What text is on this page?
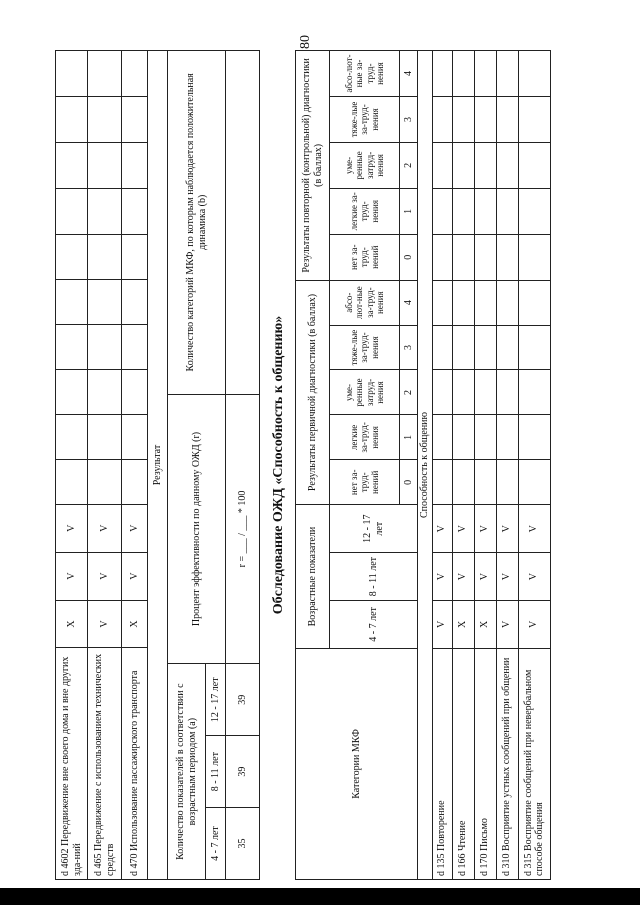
80
d 4602 Передвижение вне своего дома и вне других зда-ний	X	V	V										
d 465 Передвижение с использованием технических средств	V	V	V										
d 470 Использование пассажирского транспорта	X	V	V										
Результат				
Количество показателей в соответствии с возрастным периодом (a)			Процент эффективности по данному ОЖД (r)	Количество категорий МКФ, по которым наблюдается положительная динамика (b)
4 - 7 лет	8 - 11 лет	12 - 17 лет		
35	39	39	r = ___ / ___ * 100	Обследование ОЖД «Способность к общению»
Категории МКФ	Возрастные показатели			Результаты первичной диагностики (в баллах)					Результаты повторной (контрольной) диагностики (в баллах)				
	4 - 7 лет	8 - 11 лет	12 - 17 лет	нет за-труд-нений	легкие за-труд-нения	уме-ренные затруд-нения	тяже-лые за-труд-нения	абсо-лют-ные за-труд-нения	нет за-труд-нений	легкие за-труд-нения	уме-ренные затруд-нения	тяже-лые за-труд-нения	абсо-лют-ные за-труд-нения
				0	1	2	3	4	0	1	2	3	4
Способность к общению													
d 135 Повторение	V	V	V										
d 166 Чтение	X	V	V										
d 170 Письмо	X	V	V										
d 310 Восприятие устных сообщений при общении	V	V	V										
d 315 Восприятие сообщений при невербальном способе общения	V	V	V										
